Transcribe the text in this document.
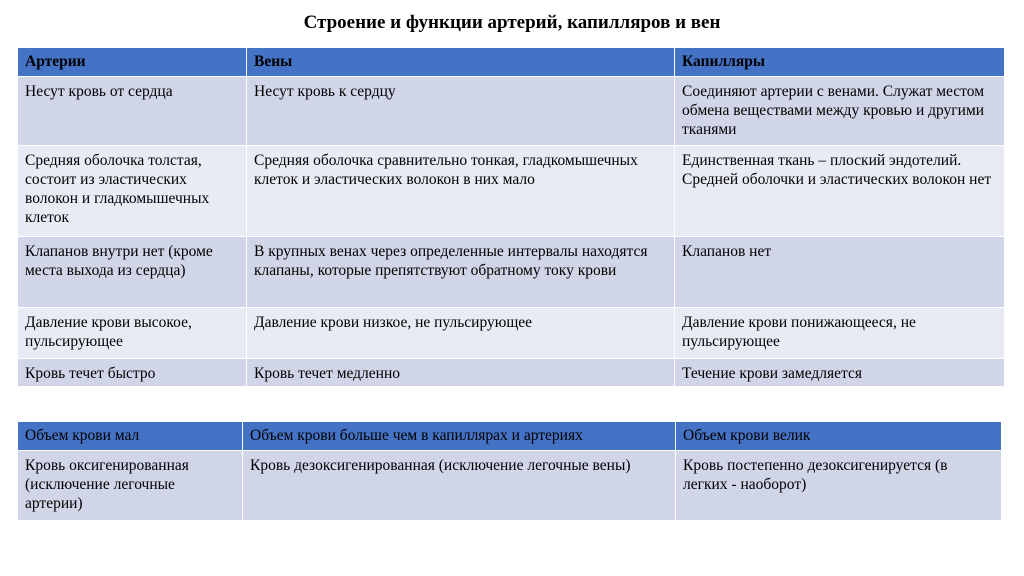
Строение и функции артерий, капилляров и вен
Артерии	Вены	Капилляры
Несут кровь от сердца	Несут кровь к сердцу	Соединяют артерии с венами. Служат местом обмена веществами между кровью и другими тканями
Средняя оболочка толстая, состоит из эластических волокон и гладкомышечных клеток	Средняя оболочка сравнительно тонкая, гладкомышечных клеток и эластических волокон в них мало	Единственная ткань – плоский эндотелий. Средней оболочки и эластических волокон нет
Клапанов внутри нет (кроме места выхода из сердца)	В крупных венах через определенные интервалы находятся клапаны, которые препятствуют обратному току крови	Клапанов нет
Давление крови высокое, пульсирующее	Давление крови низкое, не пульсирующее	Давление крови понижающееся, не пульсирующее
Кровь течет быстро	Кровь течет медленно	Течение крови замедляется
Объем крови мал	Объем крови больше чем в капиллярах и артериях	Объем крови велик
Кровь оксигенированная (исключение легочные артерии)	Кровь дезоксигенированная (исключение легочные вены)	Кровь постепенно дезоксигенируется (в легких - наоборот)
